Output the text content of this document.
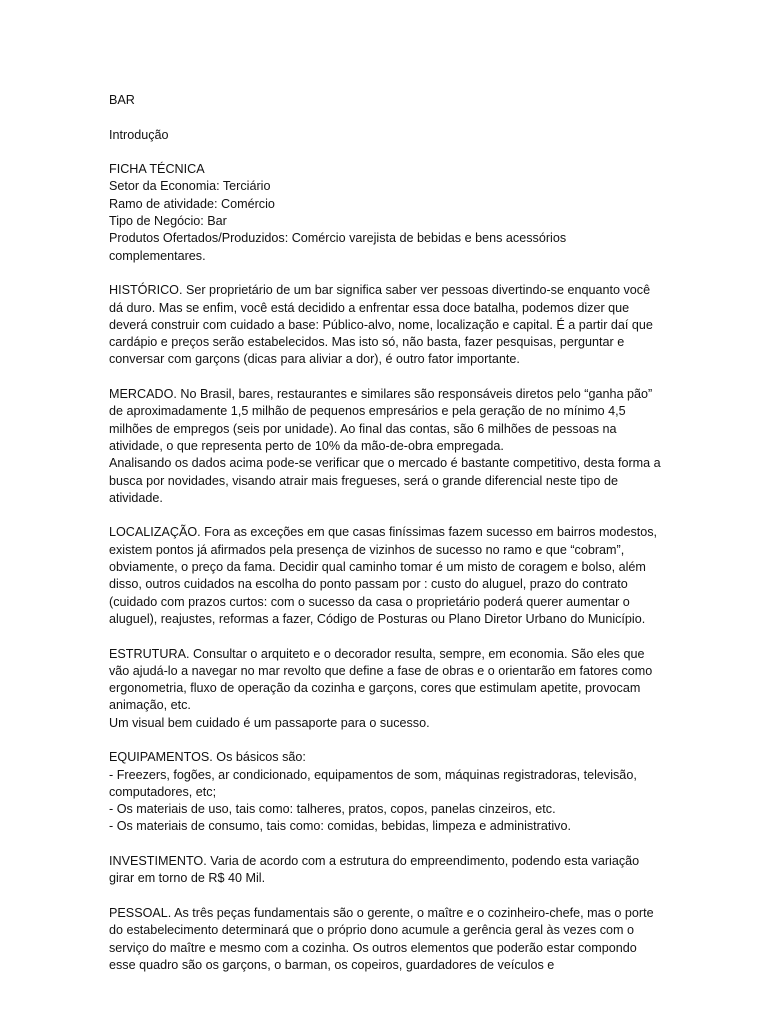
BAR

Introdução

FICHA TÉCNICA

Setor da Economia: Terciário

Ramo de atividade: Comércio

Tipo de Negócio: Bar

Produtos Ofertados/Produzidos: Comércio varejista de bebidas e bens acessórios complementares.

HISTÓRICO. Ser proprietário de um bar significa saber ver pessoas divertindo-se enquanto você dá duro. Mas se enfim, você está decidido a enfrentar essa doce batalha, podemos dizer que deverá construir com cuidado a base: Público-alvo, nome, localização e capital. É a partir daí que cardápio e preços serão estabelecidos. Mas isto só, não basta, fazer pesquisas, perguntar e conversar com garçons (dicas para aliviar a dor), é outro fator importante.

MERCADO. No Brasil, bares, restaurantes e similares são responsáveis diretos pelo “ganha pão” de aproximadamente 1,5 milhão de pequenos empresários e pela geração de no mínimo 4,5 milhões de empregos (seis por unidade). Ao final das contas, são 6 milhões de pessoas na atividade, o que representa perto de 10% da mão-de-obra empregada.

Analisando os dados acima pode-se verificar que o mercado é bastante competitivo, desta forma a busca por novidades, visando atrair mais fregueses, será o grande diferencial neste tipo de atividade.

LOCALIZAÇÃO. Fora as exceções em que casas finíssimas fazem sucesso em bairros modestos, existem pontos já afirmados pela presença de vizinhos de sucesso no ramo e que “cobram”, obviamente, o preço da fama. Decidir qual caminho tomar é um misto de coragem e bolso, além disso, outros cuidados na escolha do ponto passam por : custo do aluguel, prazo do contrato (cuidado com prazos curtos: com o sucesso da casa o proprietário poderá querer aumentar o aluguel), reajustes, reformas a fazer, Código de Posturas ou Plano Diretor Urbano do Município.

ESTRUTURA. Consultar o arquiteto e o decorador resulta, sempre, em economia. São eles que vão ajudá-lo a navegar no mar revolto que define a fase de obras e o orientarão em fatores como ergonometria, fluxo de operação da cozinha e garçons, cores que estimulam apetite, provocam animação, etc.

Um visual bem cuidado é um passaporte para o sucesso.

EQUIPAMENTOS. Os básicos são:

- Freezers, fogões, ar condicionado, equipamentos de som, máquinas registradoras, televisão, computadores, etc;

- Os materiais de uso, tais como: talheres, pratos, copos, panelas cinzeiros, etc.

- Os materiais de consumo, tais como: comidas, bebidas, limpeza e administrativo.

INVESTIMENTO. Varia de acordo com a estrutura do empreendimento, podendo esta variação girar em torno de R$ 40 Mil.

PESSOAL. As três peças fundamentais são o gerente, o maître e o cozinheiro-chefe, mas o porte do estabelecimento determinará que o próprio dono acumule a gerência geral às vezes com o serviço do maître e mesmo com a cozinha. Os outros elementos que poderão estar compondo esse quadro são os garçons, o barman, os copeiros, guardadores de veículos e
